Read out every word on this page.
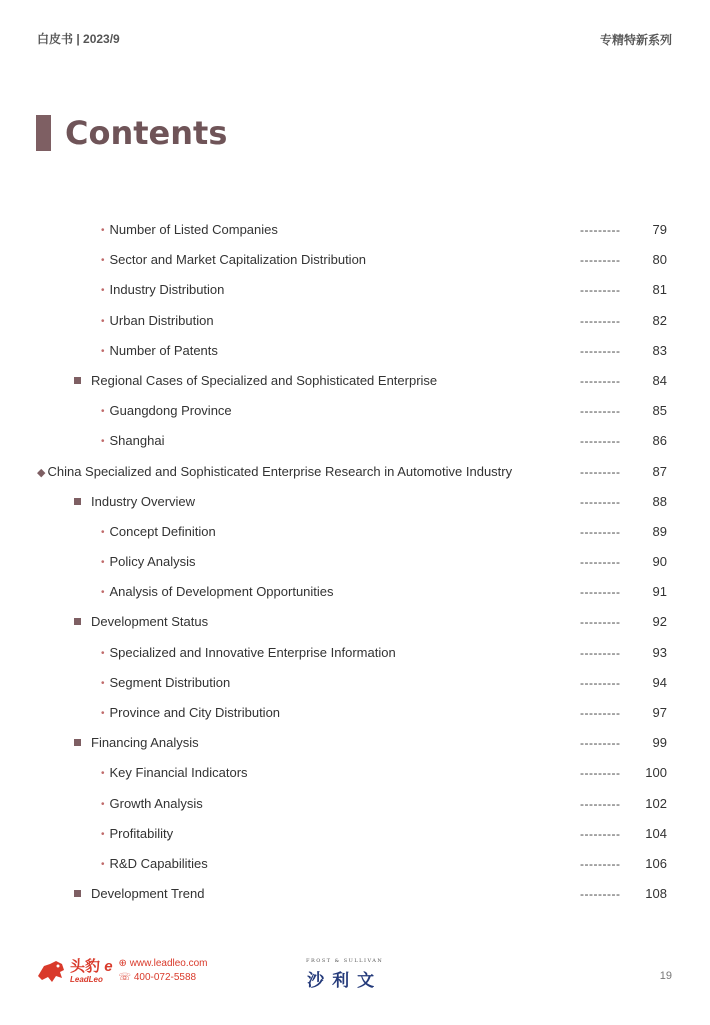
白皮书 | 2023/9	专精特新系列
Contents
• Number of Listed Companies	--------- 79
• Sector and Market Capitalization Distribution	--------- 80
• Industry Distribution	--------- 81
• Urban Distribution	--------- 82
• Number of Patents	--------- 83
Regional Cases of Specialized and Sophisticated Enterprise	--------- 84
• Guangdong Province	--------- 85
• Shanghai	--------- 86
◆ China Specialized and Sophisticated Enterprise Research in Automotive Industry	--------- 87
Industry Overview	--------- 88
• Concept Definition	--------- 89
• Policy Analysis	--------- 90
• Analysis of Development Opportunities	--------- 91
Development Status	--------- 92
• Specialized and Innovative Enterprise Information	--------- 93
• Segment Distribution	--------- 94
• Province and City Distribution	--------- 97
Financing Analysis	--------- 99
• Key Financial Indicators	--------- 100
• Growth Analysis	--------- 102
• Profitability	--------- 104
• R&D Capabilities	--------- 106
Development Trend	--------- 108
头豹 e
LeadLeo
⊕ www.leadleo.com
☏ 400-072-5588
FROST & SULLIVAN
沙利文	19
